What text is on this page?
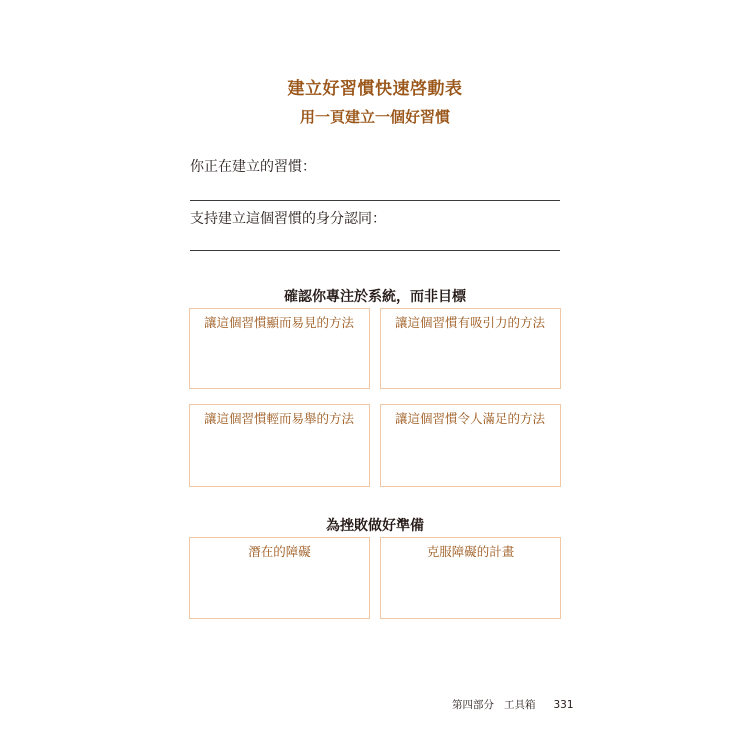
建立好習慣快速啓動表
用一頁建立一個好習慣
你正在建立的習慣：
支持建立這個習慣的身分認同：
確認你專注於系統，而非目標
讓這個習慣顯而易見的方法	讓這個習慣有吸引力的方法
讓這個習慣輕而易舉的方法	讓這個習慣令人滿足的方法
為挫敗做好準備
潛在的障礙	克服障礙的計畫
第四部分 工具箱 331
